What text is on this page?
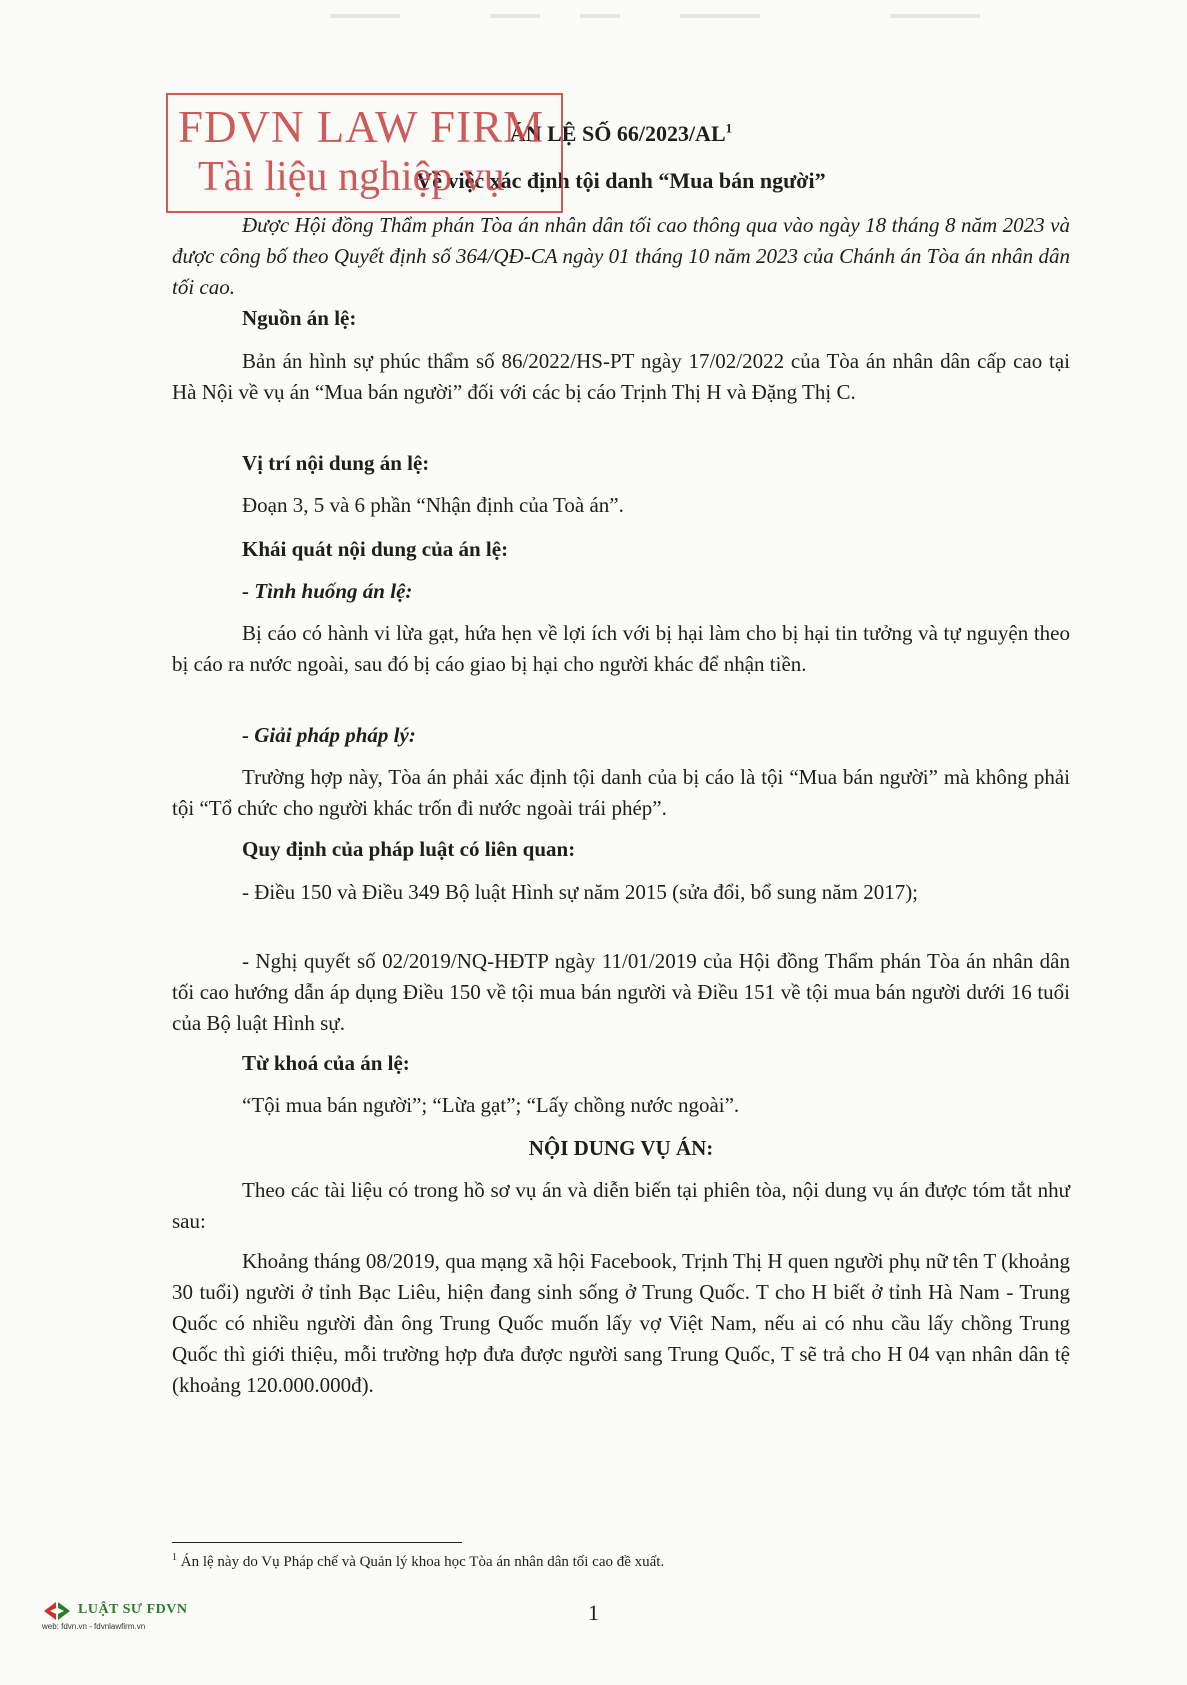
ÁN LỆ SỐ 66/2023/AL$^1$
Về việc xác định tội danh “Mua bán người”
FDVN LAW FIRM
Tài liệu nghiệp vụ
Được Hội đồng Thẩm phán Tòa án nhân dân tối cao thông qua vào ngày 18 tháng 8 năm 2023 và được công bố theo Quyết định số 364/QĐ-CA ngày 01 tháng 10 năm 2023 của Chánh án Tòa án nhân dân tối cao.
Nguồn án lệ:
Bản án hình sự phúc thẩm số 86/2022/HS-PT ngày 17/02/2022 của Tòa án nhân dân cấp cao tại Hà Nội về vụ án “Mua bán người” đối với các bị cáo Trịnh Thị H và Đặng Thị C.
Vị trí nội dung án lệ:
Đoạn 3, 5 và 6 phần “Nhận định của Toà án”.
Khái quát nội dung của án lệ:
- Tình huống án lệ:
Bị cáo có hành vi lừa gạt, hứa hẹn về lợi ích với bị hại làm cho bị hại tin tưởng và tự nguyện theo bị cáo ra nước ngoài, sau đó bị cáo giao bị hại cho người khác để nhận tiền.
- Giải pháp pháp lý:
Trường hợp này, Tòa án phải xác định tội danh của bị cáo là tội “Mua bán người” mà không phải tội “Tổ chức cho người khác trốn đi nước ngoài trái phép”.
Quy định của pháp luật có liên quan:
- Điều 150 và Điều 349 Bộ luật Hình sự năm 2015 (sửa đổi, bổ sung năm 2017);
- Nghị quyết số 02/2019/NQ-HĐTP ngày 11/01/2019 của Hội đồng Thẩm phán Tòa án nhân dân tối cao hướng dẫn áp dụng Điều 150 về tội mua bán người và Điều 151 về tội mua bán người dưới 16 tuổi của Bộ luật Hình sự.
Từ khoá của án lệ:
“Tội mua bán người”; “Lừa gạt”; “Lấy chồng nước ngoài”.
NỘI DUNG VỤ ÁN:
Theo các tài liệu có trong hồ sơ vụ án và diễn biến tại phiên tòa, nội dung vụ án được tóm tắt như sau:
Khoảng tháng 08/2019, qua mạng xã hội Facebook, Trịnh Thị H quen người phụ nữ tên T (khoảng 30 tuổi) người ở tỉnh Bạc Liêu, hiện đang sinh sống ở Trung Quốc. T cho H biết ở tỉnh Hà Nam - Trung Quốc có nhiều người đàn ông Trung Quốc muốn lấy vợ Việt Nam, nếu ai có nhu cầu lấy chồng Trung Quốc thì giới thiệu, mỗi trường hợp đưa được người sang Trung Quốc, T sẽ trả cho H 04 vạn nhân dân tệ (khoảng 120.000.000đ).
$^1$ Án lệ này do Vụ Pháp chế và Quản lý khoa học Tòa án nhân dân tối cao đề xuất.
1
LUẬT SƯ FDVN
web: fdvn.vn - fdvnlawfirm.vn
